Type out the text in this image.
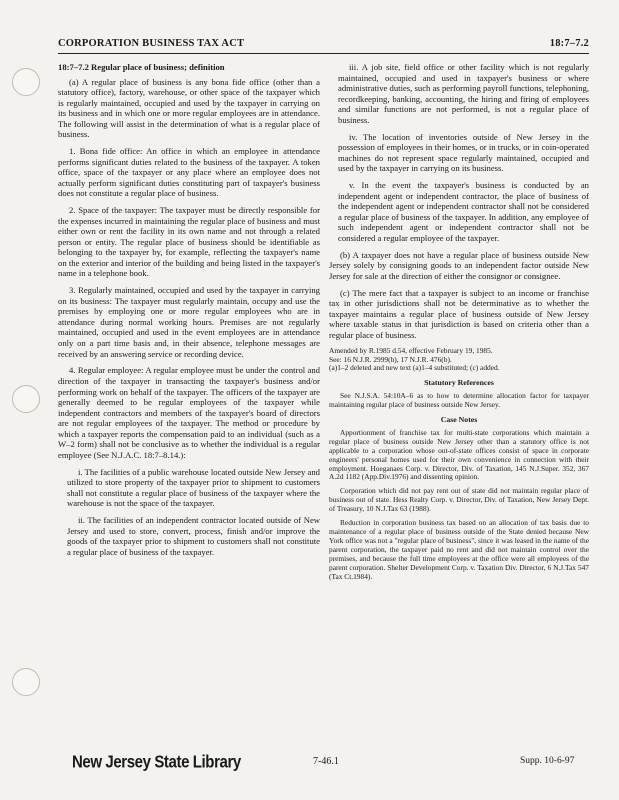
CORPORATION BUSINESS TAX ACT	18:7–7.2

18:7–7.2 Regular place of business; definition

(a) A regular place of business is any bona fide office (other than a statutory office), factory, warehouse, or other space of the taxpayer which is regularly maintained, occupied and used by the taxpayer in carrying on its business and in which one or more regular employees are in attendance. The following will assist in the determination of what is a regular place of business.

1. Bona fide office: An office in which an employee in attendance performs significant duties related to the business of the taxpayer. A token office, space of the taxpayer or any place where an employee does not actually perform significant duties constituting part of taxpayer's business does not constitute a regular place of business.

2. Space of the taxpayer: The taxpayer must be directly responsible for the expenses incurred in maintaining the regular place of business and must either own or rent the facility in its own name and not through a related person or entity. The regular place of business should be identifiable as belonging to the taxpayer by, for example, reflecting the taxpayer's name on the exterior and interior of the building and being listed in the taxpayer's name in a telephone book.

3. Regularly maintained, occupied and used by the taxpayer in carrying on its business: The taxpayer must regularly maintain, occupy and use the premises by employing one or more regular employees who are in attendance during normal working hours. Premises are not regularly maintained, occupied and used in the event employees are in attendance only on a part time basis and, in their absence, telephone messages are received by an answering service or recording device.

4. Regular employee: A regular employee must be under the control and direction of the taxpayer in transacting the taxpayer's business and/or performing work on behalf of the taxpayer. The officers of the taxpayer are generally deemed to be regular employees of the taxpayer while independent contractors and members of the taxpayer's board of directors are not regular employees of the taxpayer. The method or procedure by which a taxpayer reports the compensation paid to an individual (such as a W–2 form) shall not be conclusive as to whether the individual is a regular employee (See N.J.A.C. 18:7–8.14.):

i. The facilities of a public warehouse located outside New Jersey and utilized to store property of the taxpayer prior to shipment to customers shall not constitute a regular place of business of the taxpayer where the warehouse is not the space of the taxpayer.

ii. The facilities of an independent contractor located outside of New Jersey and used to store, convert, process, finish and/or improve the goods of the taxpayer prior to shipment to customers shall not constitute a regular place of business of the taxpayer.

iii. A job site, field office or other facility which is not regularly maintained, occupied and used in taxpayer's business or where administrative duties, such as performing payroll functions, telephoning, recordkeeping, banking, accounting, the hiring and firing of employees and similar functions are not performed, is not a regular place of business.

iv. The location of inventories outside of New Jersey in the possession of employees in their homes, or in trucks, or in coin-operated machines do not represent space regularly maintained, occupied and used by the taxpayer in carrying on its business.

v. In the event the taxpayer's business is conducted by an independent agent or independent contractor, the place of business of the independent agent or independent contractor shall not be considered a regular place of business of the taxpayer. In addition, any employee of such independent agent or independent contractor shall not be considered a regular employee of the taxpayer.

(b) A taxpayer does not have a regular place of business outside New Jersey solely by consigning goods to an independent factor outside New Jersey for sale at the direction of either the consignor or consignee.

(c) The mere fact that a taxpayer is subject to an income or franchise tax in other jurisdictions shall not be determinative as to whether the taxpayer maintains a regular place of business outside of New Jersey where taxable status in that jurisdiction is based on criteria other than a regular place of business.

Amended by R.1985 d.54, effective February 19, 1985.
See: 16 N.J.R. 2999(b), 17 N.J.R. 476(b).
(a)1–2 deleted and new text (a)1–4 substituted; (c) added.

Statutory References

See N.J.S.A. 54:10A–6 as to how to determine allocation factor for taxpayer maintaining regular place of business outside New Jersey.

Case Notes

Apportionment of franchise tax for multi-state corporations which maintain a regular place of business outside New Jersey other than a statutory office is not applicable to a corporation whose out-of-state offices consist of space in corporate engineers' personal homes used for their own convenience in connection with their employment. Hoeganaes Corp. v. Director, Div. of Taxation, 145 N.J.Super. 352, 367 A.2d 1182 (App.Div.1976) and dissenting opinion.

Corporation which did not pay rent out of state did not maintain regular place of business out of state. Hess Realty Corp. v. Director, Div. of Taxation, New Jersey Dept. of Treasury, 10 N.J.Tax 63 (1988).

Reduction in corporation business tax based on an allocation of tax basis due to maintenance of a regular place of business outside of the State denied because New York office was not a "regular place of business", since it was leased in the name of the parent corporation, the taxpayer paid no rent and did not maintain control over the premises, and because the full time employees at the office were all employees of the parent corporation. Shelter Development Corp. v. Taxation Div. Director, 6 N.J.Tax 547 (Tax Ct.1984).

New Jersey State Library	7-46.1	Supp. 10-6-97
